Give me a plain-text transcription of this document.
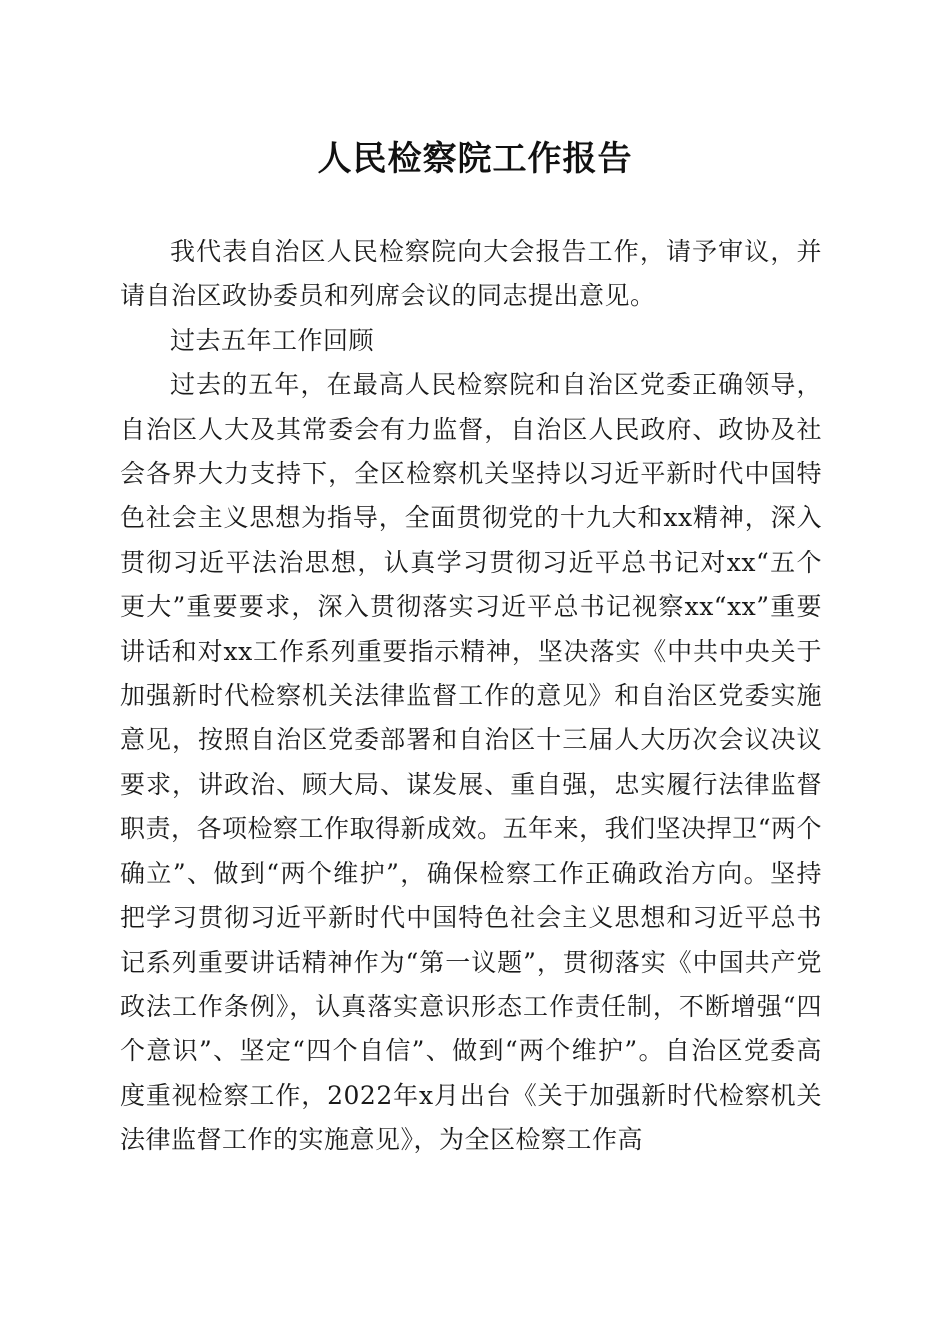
人民检察院工作报告

我代表自治区人民检察院向大会报告工作，请予审议，并请自治区政协委员和列席会议的同志提出意见。

过去五年工作回顾

过去的五年，在最高人民检察院和自治区党委正确领导，自治区人大及其常委会有力监督，自治区人民政府、政协及社会各界大力支持下，全区检察机关坚持以习近平新时代中国特色社会主义思想为指导，全面贯彻党的十九大和xx精神，深入贯彻习近平法治思想，认真学习贯彻习近平总书记对xx“五个更大”重要要求，深入贯彻落实习近平总书记视察xx“xx”重要讲话和对xx工作系列重要指示精神，坚决落实《中共中央关于加强新时代检察机关法律监督工作的意见》和自治区党委实施意见，按照自治区党委部署和自治区十三届人大历次会议决议要求，讲政治、顾大局、谋发展、重自强，忠实履行法律监督职责，各项检察工作取得新成效。五年来，我们坚决捍卫“两个确立”、做到“两个维护”，确保检察工作正确政治方向。坚持把学习贯彻习近平新时代中国特色社会主义思想和习近平总书记系列重要讲话精神作为“第一议题”，贯彻落实《中国共产党政法工作条例》，认真落实意识形态工作责任制，不断增强“四个意识”、坚定“四个自信”、做到“两个维护”。自治区党委高度重视检察工作，2022年x月出台《关于加强新时代检察机关法律监督工作的实施意见》，为全区检察工作高
